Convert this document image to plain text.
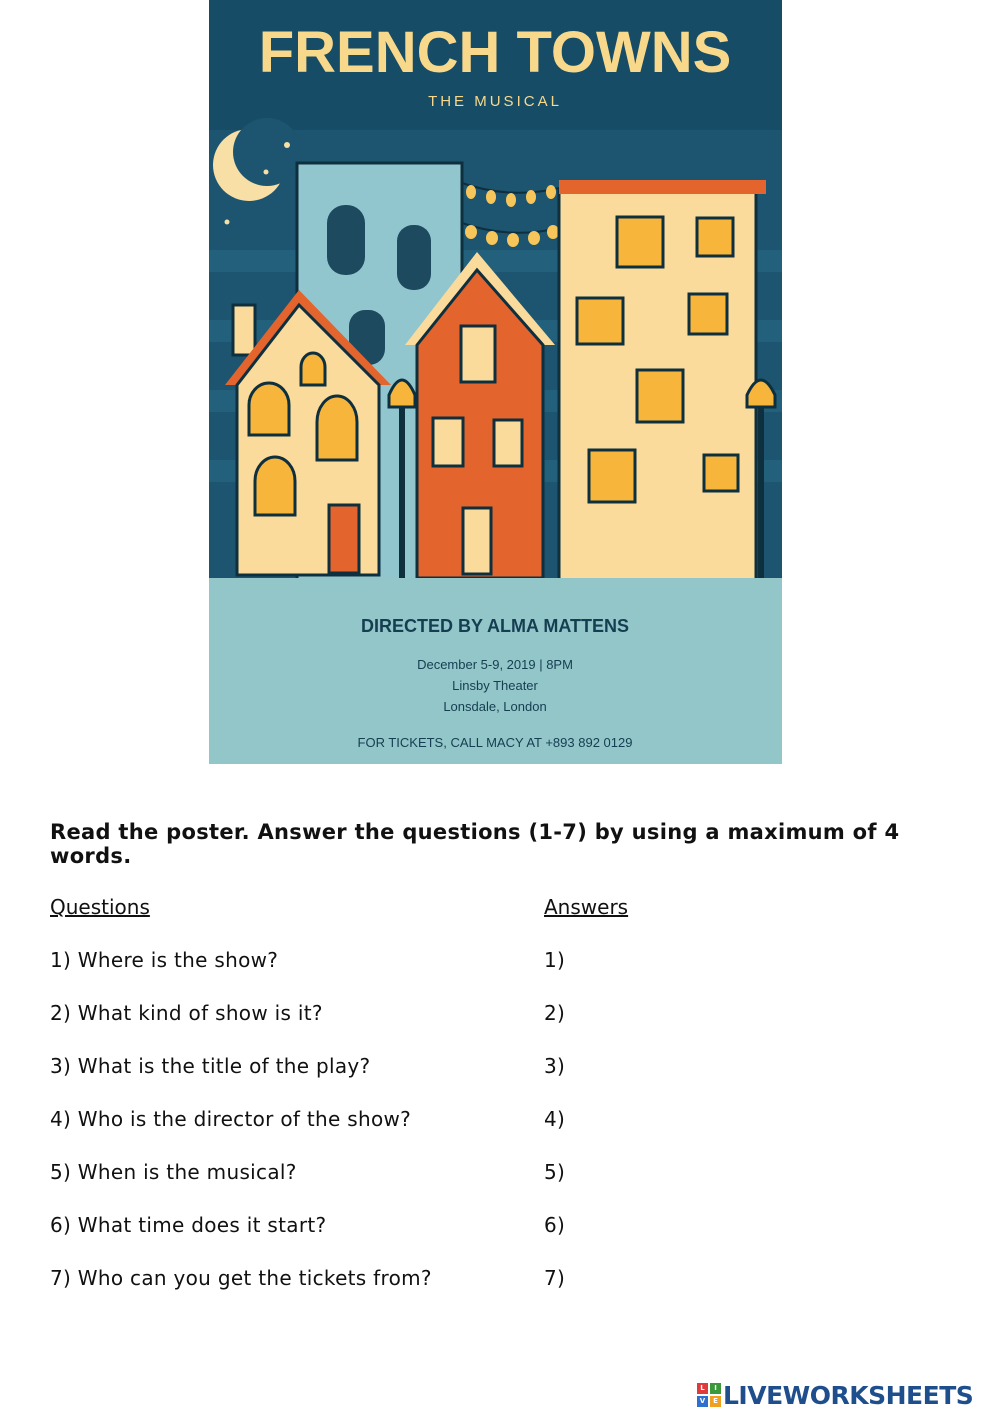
FRENCH TOWNS
THE MUSICAL
DIRECTED BY ALMA MATTENS
December 5-9, 2019 | 8PM
Linsby Theater
Lonsdale, London
FOR TICKETS, CALL MACY AT +893 892 0129
Read the poster. Answer the questions (1-7) by using a maximum of 4 words.
Questions	Answers
1) Where is the show?	1)
2) What kind of show is it?	2)
3) What is the title of the play?	3)
4) Who is the director of the show?	4)
5) When is the musical?	5)
6) What time does it start?	6)
7) Who can you get the tickets from?	7)
L	I
V	E LIVEWORKSHEETS
